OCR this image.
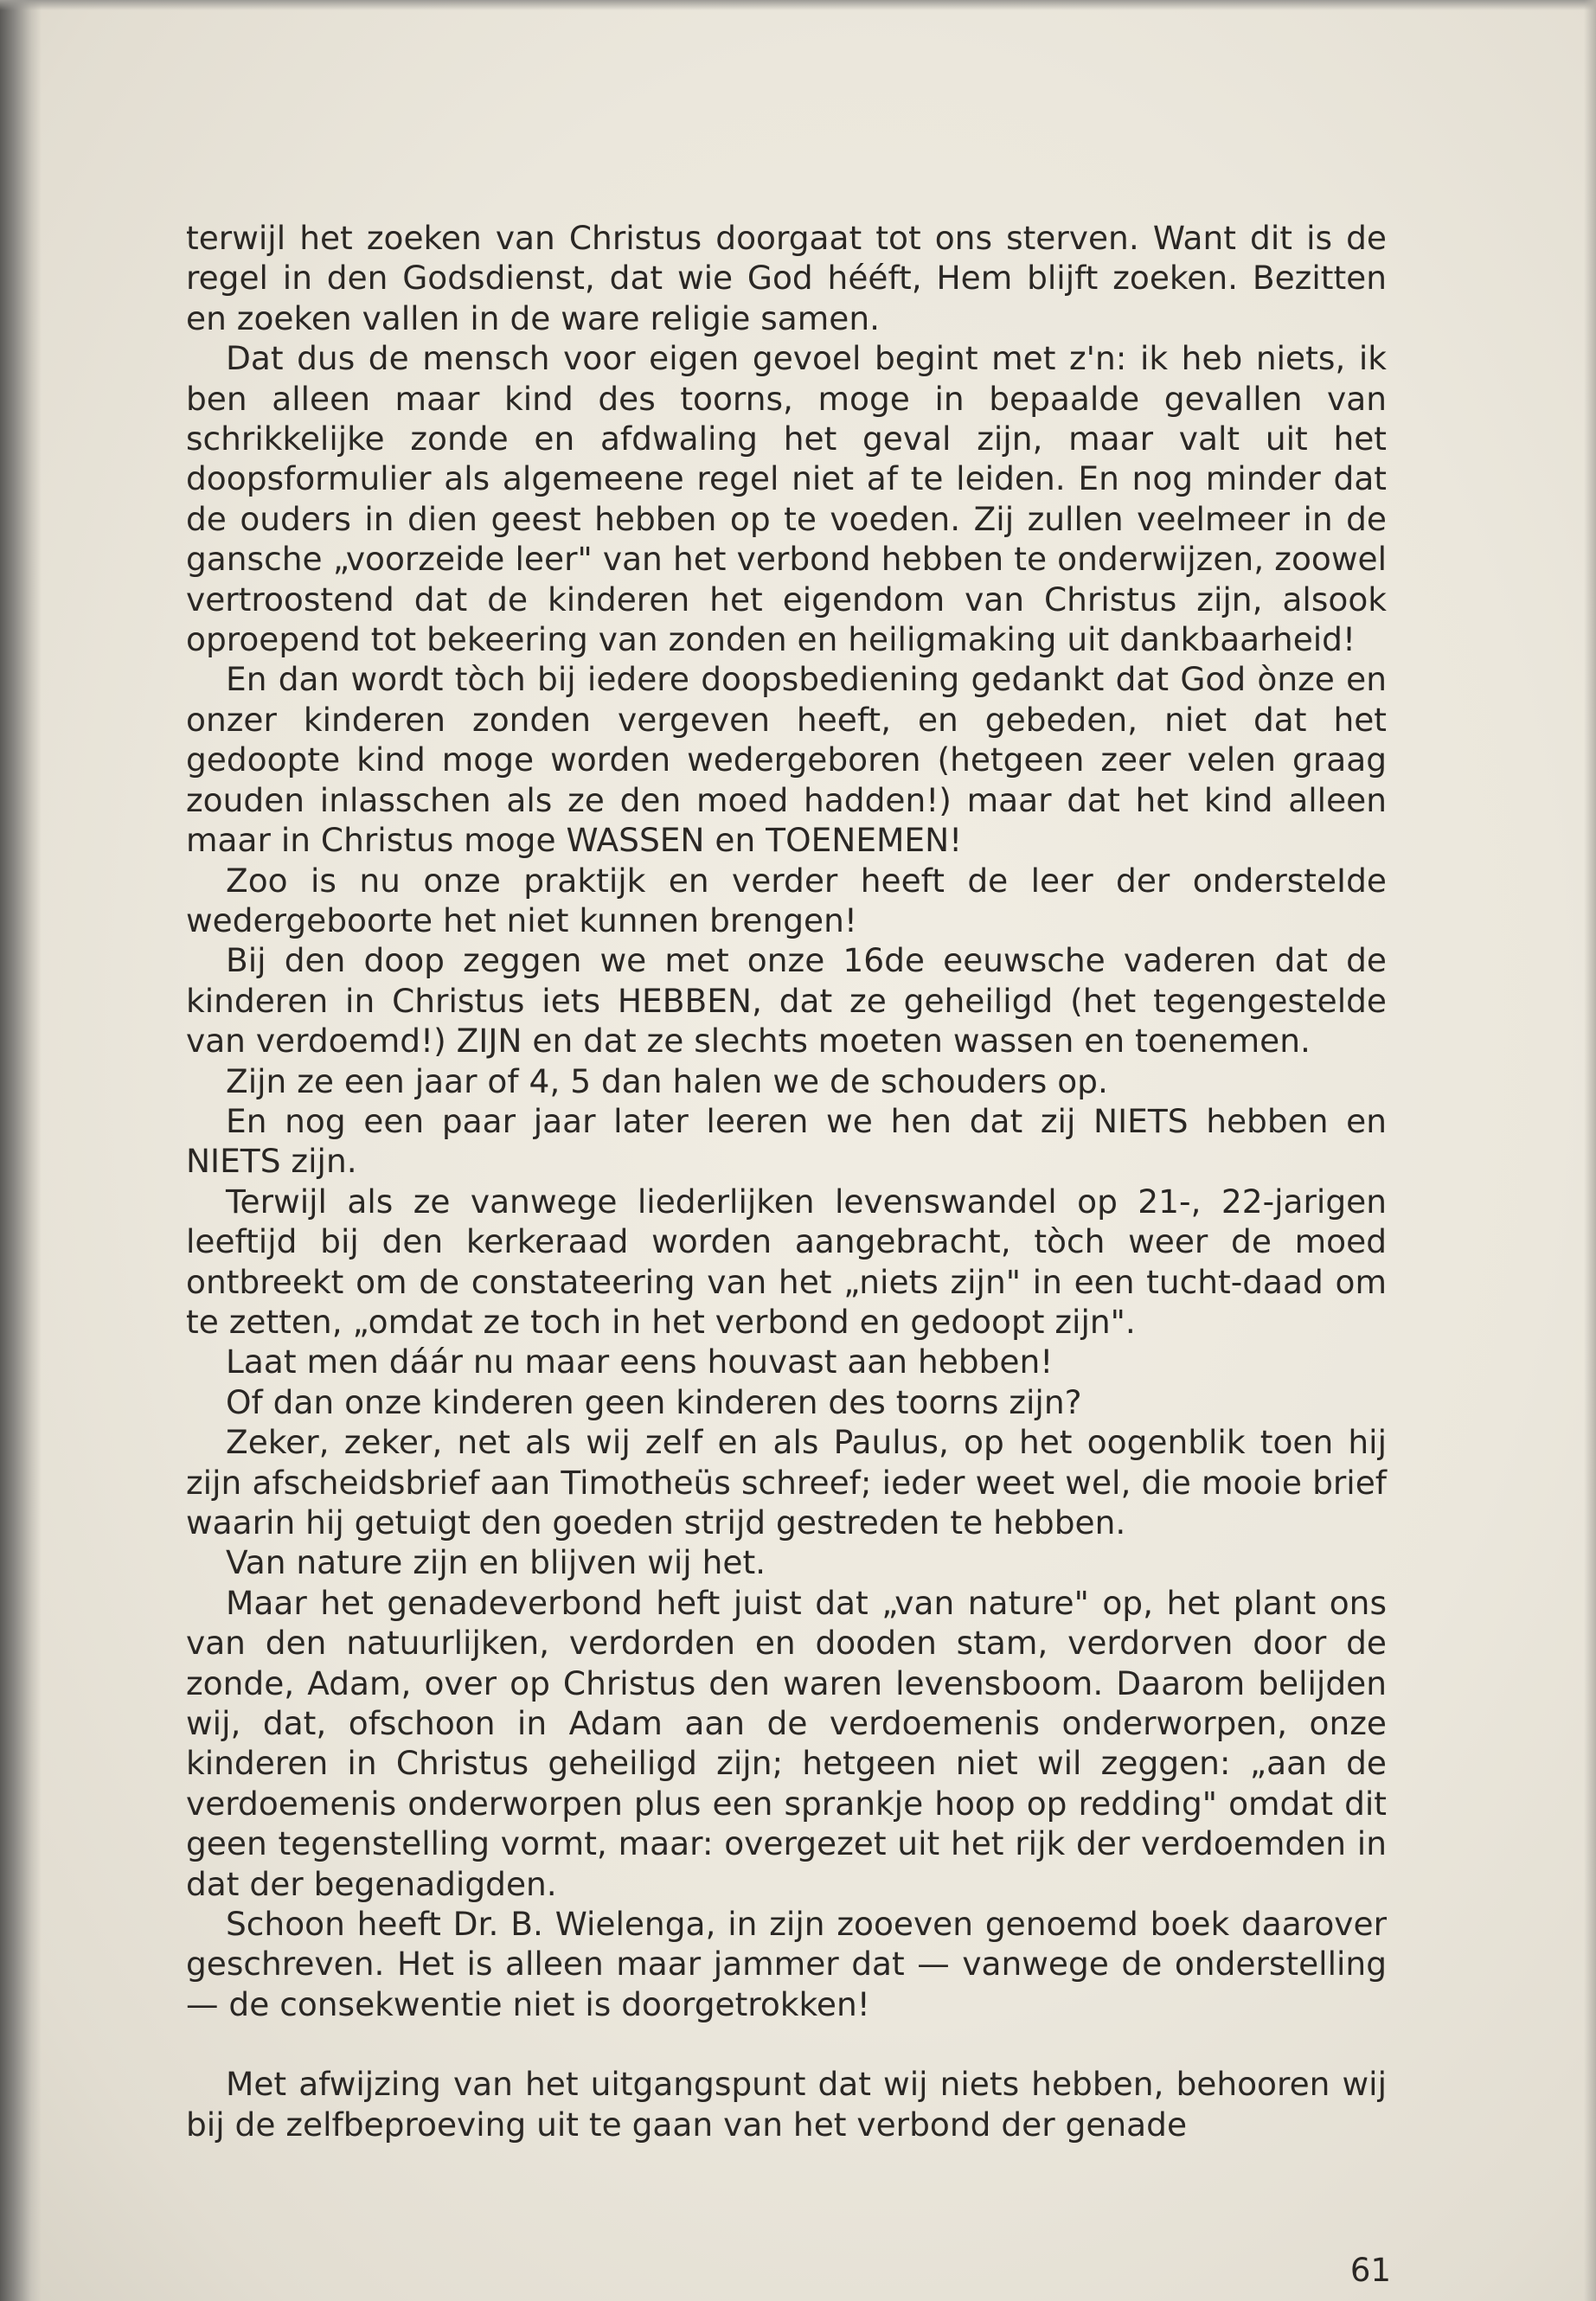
terwijl het zoeken van Christus doorgaat tot ons sterven. Want dit is de regel in den Godsdienst, dat wie God hééft, Hem blijft zoeken. Bezitten en zoeken vallen in de ware religie samen.

Dat dus de mensch voor eigen gevoel begint met z'n: ik heb niets, ik ben alleen maar kind des toorns, moge in bepaalde gevallen van schrikkelijke zonde en afdwaling het geval zijn, maar valt uit het doopsformulier als algemeene regel niet af te leiden. En nog minder dat de ouders in dien geest hebben op te voeden. Zij zullen veelmeer in de gansche „voorzeide leer" van het verbond hebben te onderwijzen, zoowel vertroostend dat de kinderen het eigendom van Christus zijn, alsook oproepend tot bekeering van zonden en heiligmaking uit dankbaarheid!

En dan wordt tòch bij iedere doopsbediening gedankt dat God ònze en onzer kinderen zonden vergeven heeft, en gebeden, niet dat het gedoopte kind moge worden wedergeboren (hetgeen zeer velen graag zouden inlasschen als ze den moed hadden!) maar dat het kind alleen maar in Christus moge WASSEN en TOENEMEN!

Zoo is nu onze praktijk en verder heeft de leer der ondersteIde wedergeboorte het niet kunnen brengen!

Bij den doop zeggen we met onze 16de eeuwsche vaderen dat de kinderen in Christus iets HEBBEN, dat ze geheiligd (het tegengestelde van verdoemd!) ZIJN en dat ze slechts moeten wassen en toenemen.

Zijn ze een jaar of 4, 5 dan halen we de schouders op.

En nog een paar jaar later leeren we hen dat zij NIETS hebben en NIETS zijn.

Terwijl als ze vanwege liederlijken levenswandel op 21-, 22-jarigen leeftijd bij den kerkeraad worden aangebracht, tòch weer de moed ontbreekt om de constateering van het „niets zijn" in een tucht-daad om te zetten, „omdat ze toch in het verbond en gedoopt zijn".

Laat men dáár nu maar eens houvast aan hebben!

Of dan onze kinderen geen kinderen des toorns zijn?

Zeker, zeker, net als wij zelf en als Paulus, op het oogenblik toen hij zijn afscheidsbrief aan Timotheüs schreef; ieder weet wel, die mooie brief waarin hij getuigt den goeden strijd gestreden te hebben.

Van nature zijn en blijven wij het.

Maar het genadeverbond heft juist dat „van nature" op, het plant ons van den natuurlijken, verdorden en dooden stam, verdorven door de zonde, Adam, over op Christus den waren levensboom. Daarom belijden wij, dat, ofschoon in Adam aan de verdoemenis onderworpen, onze kinderen in Christus geheiligd zijn; hetgeen niet wil zeggen: „aan de verdoemenis onderworpen plus een sprankje hoop op redding" omdat dit geen tegenstelling vormt, maar: overgezet uit het rijk der verdoemden in dat der begenadigden.

Schoon heeft Dr. B. Wielenga, in zijn zooeven genoemd boek daarover geschreven. Het is alleen maar jammer dat — vanwege de onderstelling — de consekwentie niet is doorgetrokken!

Met afwijzing van het uitgangspunt dat wij niets hebben, behooren wij bij de zelfbeproeving uit te gaan van het verbond der genade

61
